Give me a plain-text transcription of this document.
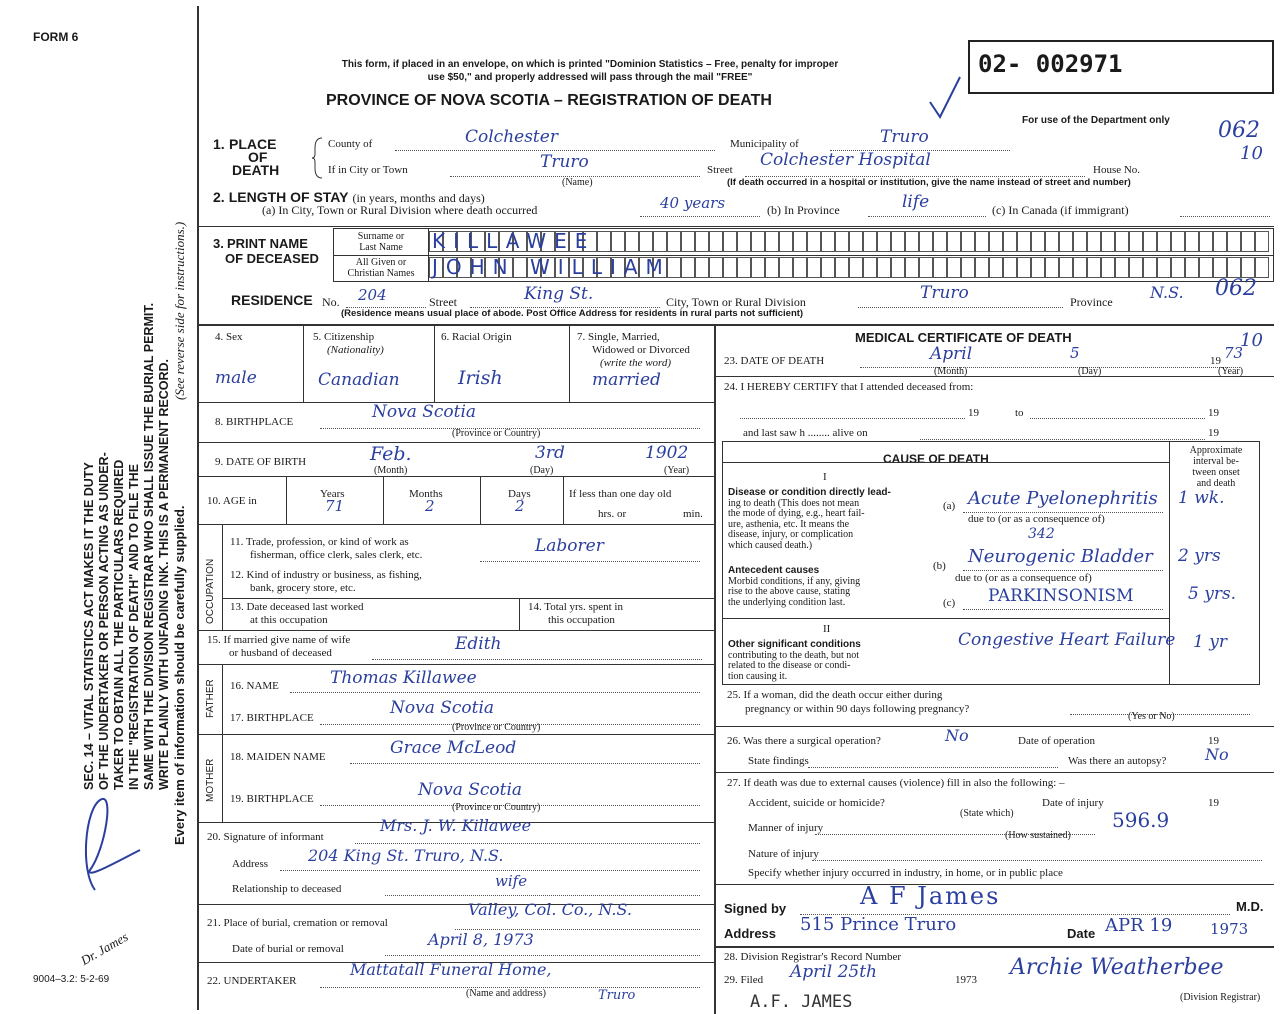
FORM 6
SEC. 14 – VITAL STATISTICS ACT MAKES IT THE DUTY OF THE UNDERTAKER OR PERSON ACTING AS UNDER- TAKER TO OBTAIN ALL THE PARTICULARS REQUIRED IN THE "REGISTRATION OF DEATH" AND TO FILE THE SAME WITH THE DIVISION REGISTRAR WHO SHALL ISSUE THE BURIAL PERMIT. WRITE PLAINLY WITH UNFADING INK. THIS IS A PERMANENT RECORD.
(See reverse side for instructions.)
Every item of information should be carefully supplied.
Dr. James
9004–3.2: 5-2-69
This form, if placed in an envelope, on which is printed "Dominion Statistics – Free, penalty for improper
use $50," and properly addressed will pass through the mail "FREE"
PROVINCE OF NOVA SCOTIA – REGISTRATION OF DEATH
02- 002971
For use of the Department only 062
10
1. PLACE
OF
DEATH
County of	Colchester	Municipality of	Truro
If in City or Town	Truro
(Name)
Street Colchester Hospital	House No.
(If death occurred in a hospital or institution, give the name instead of street and number)
2. LENGTH OF STAY (in years, months and days)
(a) In City, Town or Rural Division where death occurred	40 years	(b) In Province	life	(c) In Canada (if immigrant)
3. PRINT NAME
OF DECEASED
Surname or
Last Name
All Given or
Christian Names
KILLAWEE
JOHN WILLIAM
RESIDENCE No. 204	Street	King St.	City, Town or Rural Division	Truro	Province N.S. 062
10
(Residence means usual place of abode. Post Office Address for residents in rural parts not sufficient)
4. Sex
male
5. Citizenship
(Nationality)
Canadian
6. Racial Origin
Irish
7. Single, Married,
Widowed or Divorced
(write the word)
married
8. BIRTHPLACE	Nova Scotia
(Province or Country)
9. DATE OF BIRTH	Feb.	3rd	1902
(Month)	(Day)	(Year)
10. AGE in
Years
71
Months
2
Days
2
If less than one day old
hrs. or	min.
OCCUPATION
11. Trade, profession, or kind of work as
fisherman, office clerk, sales clerk, etc.	Laborer
12. Kind of industry or business, as fishing,
bank, grocery store, etc.
13. Date deceased last worked
at this occupation
14. Total yrs. spent in
this occupation
15. If married give name of wife
or husband of deceased	Edith
FATHER 16. NAME	Thomas Killawee
17. BIRTHPLACE	Nova Scotia
(Province or Country)
MOTHER
18. MAIDEN NAME	Grace McLeod
19. BIRTHPLACE	Nova Scotia
(Province or Country)
20. Signature of informant
Mrs. J. W. Killawee
Address 204 King St. Truro, N.S.
Relationship to deceased	wife
21. Place of burial, cremation or removal
Valley, Col. Co., N.S.
Date of burial or removal	April 8, 1973
22. UNDERTAKER
Mattatall Funeral Home,
Truro
(Name and address)
MEDICAL CERTIFICATE OF DEATH
23. DATE OF DEATH	April	5	19 73
(Month)	(Day)	(Year)
24. I HEREBY CERTIFY that I attended deceased from:
19	to	19
and last saw h ........ alive on	19
CAUSE OF DEATH
Approximate
interval be-
tween onset
and death
I
Disease or condition directly lead-
ing to death (This does not mean
the mode of dying, e.g., heart fail-
ure, asthenia, etc. It means the
disease, injury, or complication
which caused death.)
Antecedent causes
Morbid conditions, if any, giving
rise to the above cause, stating
the underlying condition last.
II
Other significant conditions
contributing to the death, but not
related to the disease or condi-
tion causing it.
(a) Acute Pyelonephritis 1 wk.
due to (or as a consequence of)
342
(b) Neurogenic Bladder 2 yrs
due to (or as a consequence of)
(c) PARKINSONISM	5 yrs.
Congestive Heart Failure 1 yr
25. If a woman, did the death occur either during
pregnancy or within 90 days following pregnancy?
(Yes or No)
26. Was there a surgical operation?	No	Date of operation	19
State findings	Was there an autopsy? No
27. If death was due to external causes (violence) fill in also the following: –
Accident, suicide or homicide?
(State which)
Date of injury	19
596.9
Manner of injury
(How sustained)
Nature of injury
Specify whether injury occurred in industry, in home, or in public place
Signed by	A F James	M.D.
Address 515 Prince Truro	Date APR 19	1973
28. Division Registrar's Record Number
29. Filed April 25th	1973 Archie Weatherbee
(Division Registrar)
A.F. JAMES
